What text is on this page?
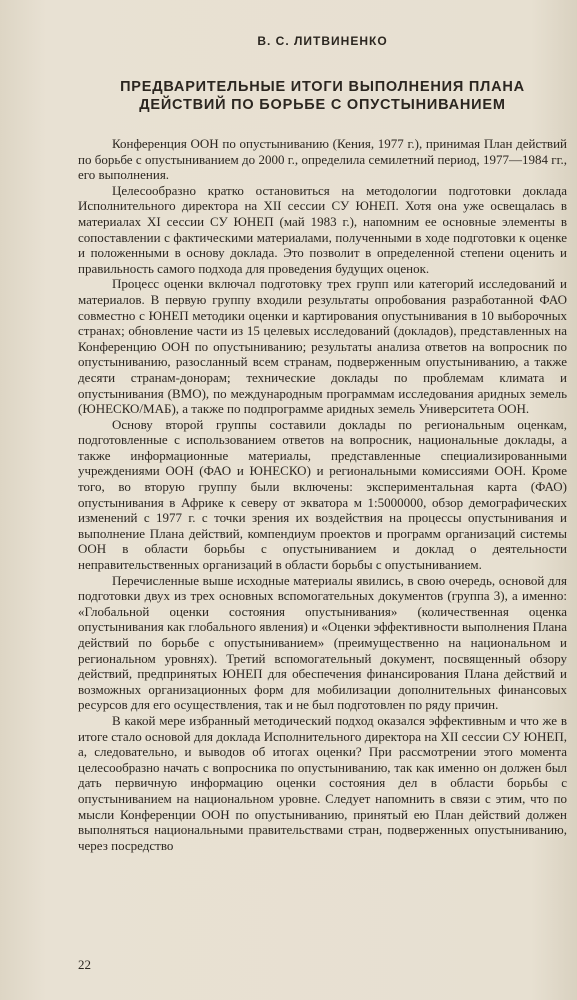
В. С. ЛИТВИНЕНКО
ПРЕДВАРИТЕЛЬНЫЕ ИТОГИ ВЫПОЛНЕНИЯ ПЛАНА
ДЕЙСТВИЙ ПО БОРЬБЕ С ОПУСТЫНИВАНИЕМ

Конференция ООН по опустыниванию (Кения, 1977 г.), принимая План действий по борьбе с опустыниванием до 2000 г., определила семилетний период, 1977—1984 гг., его выполнения.

Целесообразно кратко остановиться на методологии подготовки доклада Исполнительного директора на XII сессии СУ ЮНЕП. Хотя она уже освещалась в материалах XI сессии СУ ЮНЕП (май 1983 г.), напомним ее основные элементы в сопоставлении с фактическими материалами, полученными в ходе подготовки к оценке и положенными в основу доклада. Это позволит в определенной степени оценить и правильность самого подхода для проведения будущих оценок.

Процесс оценки включал подготовку трех групп или категорий исследований и материалов. В первую группу входили результаты опробования разработанной ФАО совместно с ЮНЕП методики оценки и картирования опустынивания в 10 выборочных странах; обновление части из 15 целевых исследований (докладов), представленных на Конференцию ООН по опустыниванию; результаты анализа ответов на вопросник по опустыниванию, разосланный всем странам, подверженным опустыниванию, а также десяти странам-донорам; технические доклады по проблемам климата и опустынивания (ВМО), по международным программам исследования аридных земель (ЮНЕСКО/МАБ), а также по подпрограмме аридных земель Университета ООН.

Основу второй группы составили доклады по региональным оценкам, подготовленные с использованием ответов на вопросник, национальные доклады, а также информационные материалы, представленные специализированными учреждениями ООН (ФАО и ЮНЕСКО) и региональными комиссиями ООН. Кроме того, во вторую группу были включены: экспериментальная карта (ФАО) опустынивания в Африке к северу от экватора м 1:5000000, обзор демографических изменений с 1977 г. с точки зрения их воздействия на процессы опустынивания и выполнение Плана действий, компендиум проектов и программ организаций системы ООН в области борьбы с опустыниванием и доклад о деятельности неправительственных организаций в области борьбы с опустыниванием.

Перечисленные выше исходные материалы явились, в свою очередь, основой для подготовки двух из трех основных вспомогательных документов (группа 3), а именно: «Глобальной оценки состояния опустынивания» (количественная оценка опустынивания как глобального явления) и «Оценки эффективности выполнения Плана действий по борьбе с опустыниванием» (преимущественно на национальном и региональном уровнях). Третий вспомогательный документ, посвященный обзору действий, предпринятых ЮНЕП для обеспечения финансирования Плана действий и возможных организационных форм для мобилизации дополнительных финансовых ресурсов для его осуществления, так и не был подготовлен по ряду причин.

В какой мере избранный методический подход оказался эффективным и что же в итоге стало основой для доклада Исполнительного директора на XII сессии СУ ЮНЕП, а, следовательно, и выводов об итогах оценки? При рассмотрении этого момента целесообразно начать с вопросника по опустыниванию, так как именно он должен был дать первичную информацию оценки состояния дел в области борьбы с опустыниванием на национальном уровне. Следует напомнить в связи с этим, что по мысли Конференции ООН по опустыниванию, принятый ею План действий должен выполняться национальными правительствами стран, подверженных опустыниванию, через посредство

22
